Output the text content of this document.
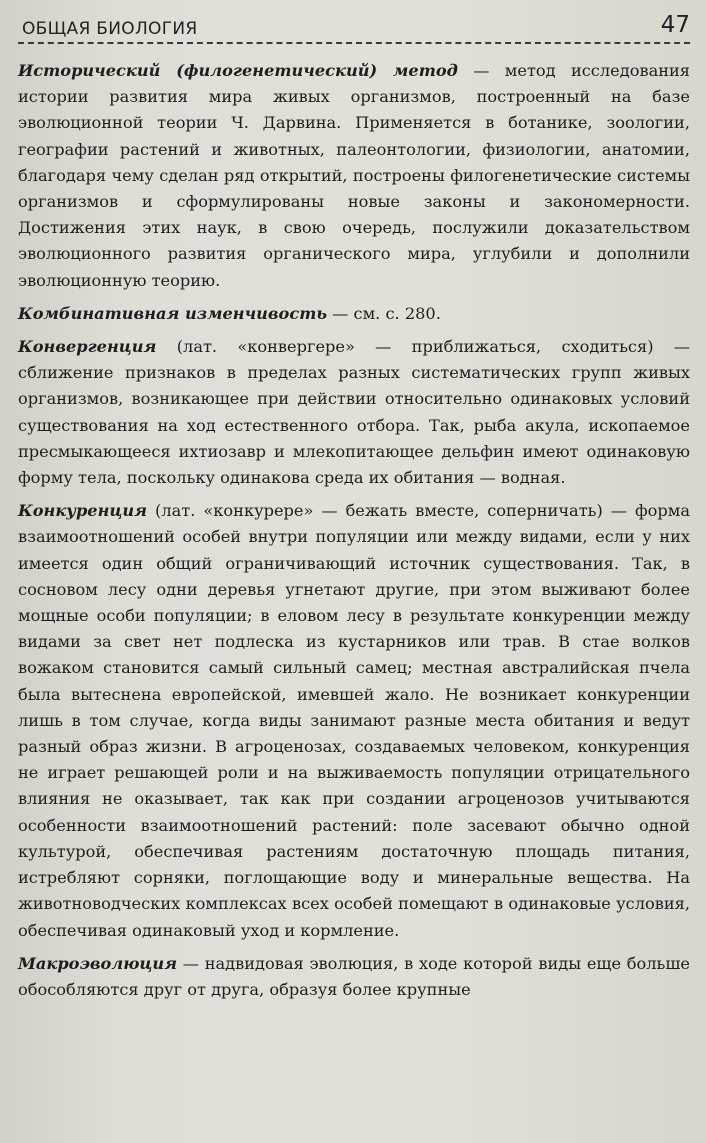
ОБЩАЯ БИОЛОГИЯ	47

Исторический (филогенетический) метод — метод исследования истории развития мира живых организмов, построенный на базе эволюционной теории Ч. Дарвина. Применяется в ботанике, зоологии, географии растений и животных, палеонтологии, физиологии, анатомии, благодаря чему сделан ряд открытий, построены филогенетические системы организмов и сформулированы новые законы и закономерности. Достижения этих наук, в свою очередь, послужили доказательством эволюционного развития органического мира, углубили и дополнили эволюционную теорию.

Комбинативная изменчивость — см. с. 280.

Конвергенция (лат. «конвергере» — приближаться, сходиться) — сближение признаков в пределах разных систематических групп живых организмов, возникающее при действии относительно одинаковых условий существования на ход естественного отбора. Так, рыба акула, ископаемое пресмыкающееся ихтиозавр и млекопитающее дельфин имеют одинаковую форму тела, поскольку одинакова среда их обитания — водная.

Конкуренция (лат. «конкурере» — бежать вместе, соперничать) — форма взаимоотношений особей внутри популяции или между видами, если у них имеется один общий ограничивающий источник существования. Так, в сосновом лесу одни деревья угнетают другие, при этом выживают более мощные особи популяции; в еловом лесу в результате конкуренции между видами за свет нет подлеска из кустарников или трав. В стае волков вожаком становится самый сильный самец; местная австралийская пчела была вытеснена европейской, имевшей жало. Не возникает конкуренции лишь в том случае, когда виды занимают разные места обитания и ведут разный образ жизни. В агроценозах, создаваемых человеком, конкуренция не играет решающей роли и на выживаемость популяции отрицательного влияния не оказывает, так как при создании агроценозов учитываются особенности взаимоотношений растений: поле засевают обычно одной культурой, обеспечивая растениям достаточную площадь питания, истребляют сорняки, поглощающие воду и минеральные вещества. На животноводческих комплексах всех особей помещают в одинаковые условия, обеспечивая одинаковый уход и кормление.

Макроэволюция — надвидовая эволюция, в ходе которой виды еще больше обособляются друг от друга, образуя более крупные
